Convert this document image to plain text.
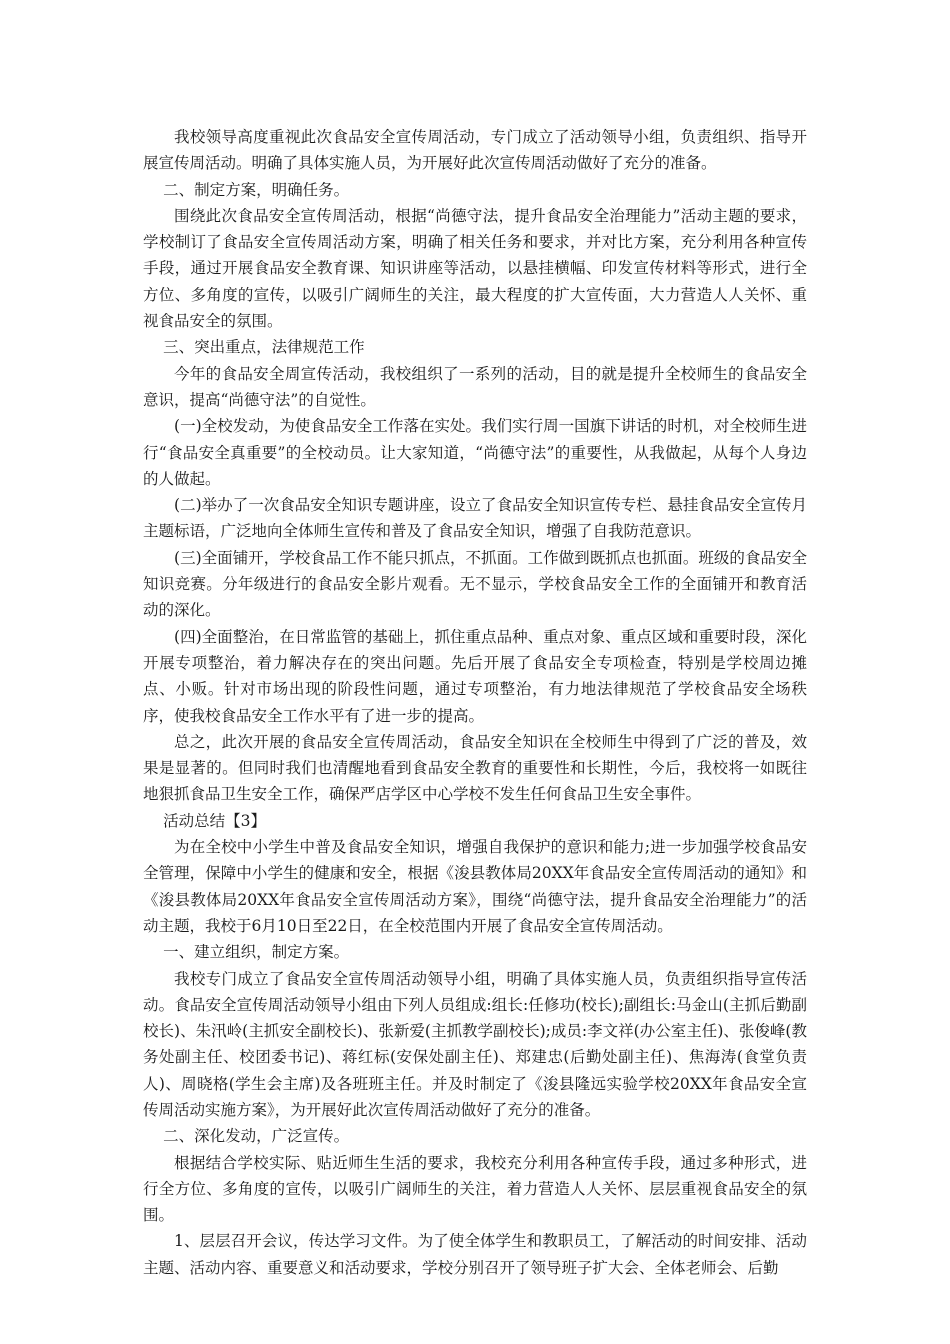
我校领导高度重视此次食品安全宣传周活动，专门成立了活动领导小组，负责组织、指导开展宣传周活动。明确了具体实施人员，为开展好此次宣传周活动做好了充分的准备。

二、制定方案，明确任务。

围绕此次食品安全宣传周活动，根据“尚德守法，提升食品安全治理能力”活动主题的要求，学校制订了食品安全宣传周活动方案，明确了相关任务和要求，并对比方案，充分利用各种宣传手段，通过开展食品安全教育课、知识讲座等活动，以悬挂横幅、印发宣传材料等形式，进行全方位、多角度的宣传，以吸引广阔师生的关注，最大程度的扩大宣传面，大力营造人人关怀、重视食品安全的氛围。

三、突出重点，法律规范工作

今年的食品安全周宣传活动，我校组织了一系列的活动，目的就是提升全校师生的食品安全意识，提高“尚德守法”的自觉性。

(一)全校发动，为使食品安全工作落在实处。我们实行周一国旗下讲话的时机，对全校师生进行“食品安全真重要”的全校动员。让大家知道，“尚德守法”的重要性，从我做起，从每个人身边的人做起。

(二)举办了一次食品安全知识专题讲座，设立了食品安全知识宣传专栏、悬挂食品安全宣传月主题标语，广泛地向全体师生宣传和普及了食品安全知识，增强了自我防范意识。

(三)全面铺开，学校食品工作不能只抓点，不抓面。工作做到既抓点也抓面。班级的食品安全知识竞赛。分年级进行的食品安全影片观看。无不显示，学校食品安全工作的全面铺开和教育活动的深化。

(四)全面整治，在日常监管的基础上，抓住重点品种、重点对象、重点区域和重要时段，深化开展专项整治，着力解决存在的突出问题。先后开展了食品安全专项检查，特别是学校周边摊点、小贩。针对市场出现的阶段性问题，通过专项整治，有力地法律规范了学校食品安全场秩序，使我校食品安全工作水平有了进一步的提高。

总之，此次开展的食品安全宣传周活动，食品安全知识在全校师生中得到了广泛的普及，效果是显著的。但同时我们也清醒地看到食品安全教育的重要性和长期性，今后，我校将一如既往地狠抓食品卫生安全工作，确保严店学区中心学校不发生任何食品卫生安全事件。

活动总结【3】

为在全校中小学生中普及食品安全知识，增强自我保护的意识和能力;进一步加强学校食品安全管理，保障中小学生的健康和安全，根据《浚县教体局20XX年食品安全宣传周活动的通知》和《浚县教体局20XX年食品安全宣传周活动方案》，围绕“尚德守法，提升食品安全治理能力”的活动主题，我校于6月10日至22日，在全校范围内开展了食品安全宣传周活动。

一、建立组织，制定方案。

我校专门成立了食品安全宣传周活动领导小组，明确了具体实施人员，负责组织指导宣传活动。食品安全宣传周活动领导小组由下列人员组成:组长:任修功(校长);副组长:马金山(主抓后勤副校长)、朱汛岭(主抓安全副校长)、张新爱(主抓教学副校长);成员:李文祥(办公室主任)、张俊峰(教务处副主任、校团委书记)、蒋红标(安保处副主任)、郑建忠(后勤处副主任)、焦海涛(食堂负责人)、周晓格(学生会主席)及各班班主任。并及时制定了《浚县隆远实验学校20XX年食品安全宣传周活动实施方案》，为开展好此次宣传周活动做好了充分的准备。

二、深化发动，广泛宣传。

根据结合学校实际、贴近师生生活的要求，我校充分利用各种宣传手段，通过多种形式，进行全方位、多角度的宣传，以吸引广阔师生的关注，着力营造人人关怀、层层重视食品安全的氛围。

1、层层召开会议，传达学习文件。为了使全体学生和教职员工，了解活动的时间安排、活动主题、活动内容、重要意义和活动要求，学校分别召开了领导班子扩大会、全体老师会、后勤
